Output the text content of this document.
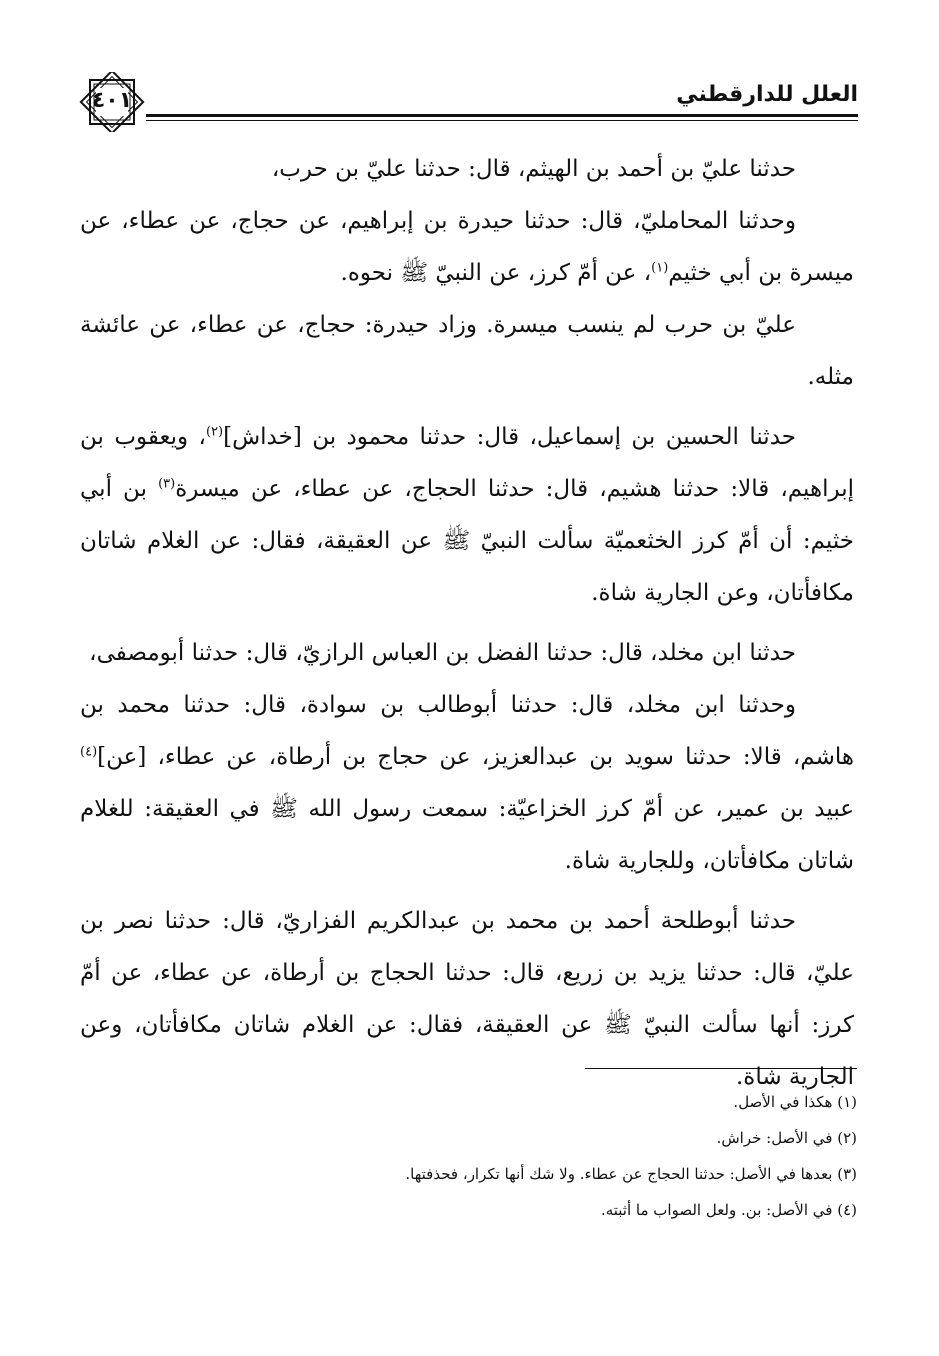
٤٠١	العلل للدارقطني

حدثنا عليّ بن أحمد بن الهيثم، قال: حدثنا عليّ بن حرب،

وحدثنا المحامليّ، قال: حدثنا حيدرة بن إبراهيم، عن حجاج، عن عطاء، عن ميسرة بن أبي خثيم$^{(١)}$، عن أمّ كرز، عن النبيّ ﷺ نحوه.

عليّ بن حرب لم ينسب ميسرة. وزاد حيدرة: حجاج، عن عطاء، عن عائشة مثله.

حدثنا الحسين بن إسماعيل، قال: حدثنا محمود بن [خداش]$^{(٢)}$، ويعقوب بن إبراهيم، قالا: حدثنا هشيم، قال: حدثنا الحجاج، عن عطاء، عن ميسرة$^{(٣)}$ بن أبي خثيم: أن أمّ كرز الخثعميّة سألت النبيّ ﷺ عن العقيقة، فقال: عن الغلام شاتان مكافأتان، وعن الجارية شاة.

حدثنا ابن مخلد، قال: حدثنا الفضل بن العباس الرازيّ، قال: حدثنا أبومصفى،

وحدثنا ابن مخلد، قال: حدثنا أبوطالب بن سوادة، قال: حدثنا محمد بن هاشم، قالا: حدثنا سويد بن عبدالعزيز، عن حجاج بن أرطاة، عن عطاء، [عن]$^{(٤)}$ عبيد بن عمير، عن أمّ كرز الخزاعيّة: سمعت رسول الله ﷺ في العقيقة: للغلام شاتان مكافأتان، وللجارية شاة.

حدثنا أبوطلحة أحمد بن محمد بن عبدالكريم الفزاريّ، قال: حدثنا نصر بن عليّ، قال: حدثنا يزيد بن زريع، قال: حدثنا الحجاج بن أرطاة، عن عطاء، عن أمّ كرز: أنها سألت النبيّ ﷺ عن العقيقة، فقال: عن الغلام شاتان مكافأتان، وعن الجارية شاة.

(١) هكذا في الأصل.

(٢) في الأصل: خراش.

(٣) بعدها في الأصل: حدثنا الحجاج عن عطاء. ولا شك أنها تكرار، فحذفتها.

(٤) في الأصل: بن. ولعل الصواب ما أثبته.
